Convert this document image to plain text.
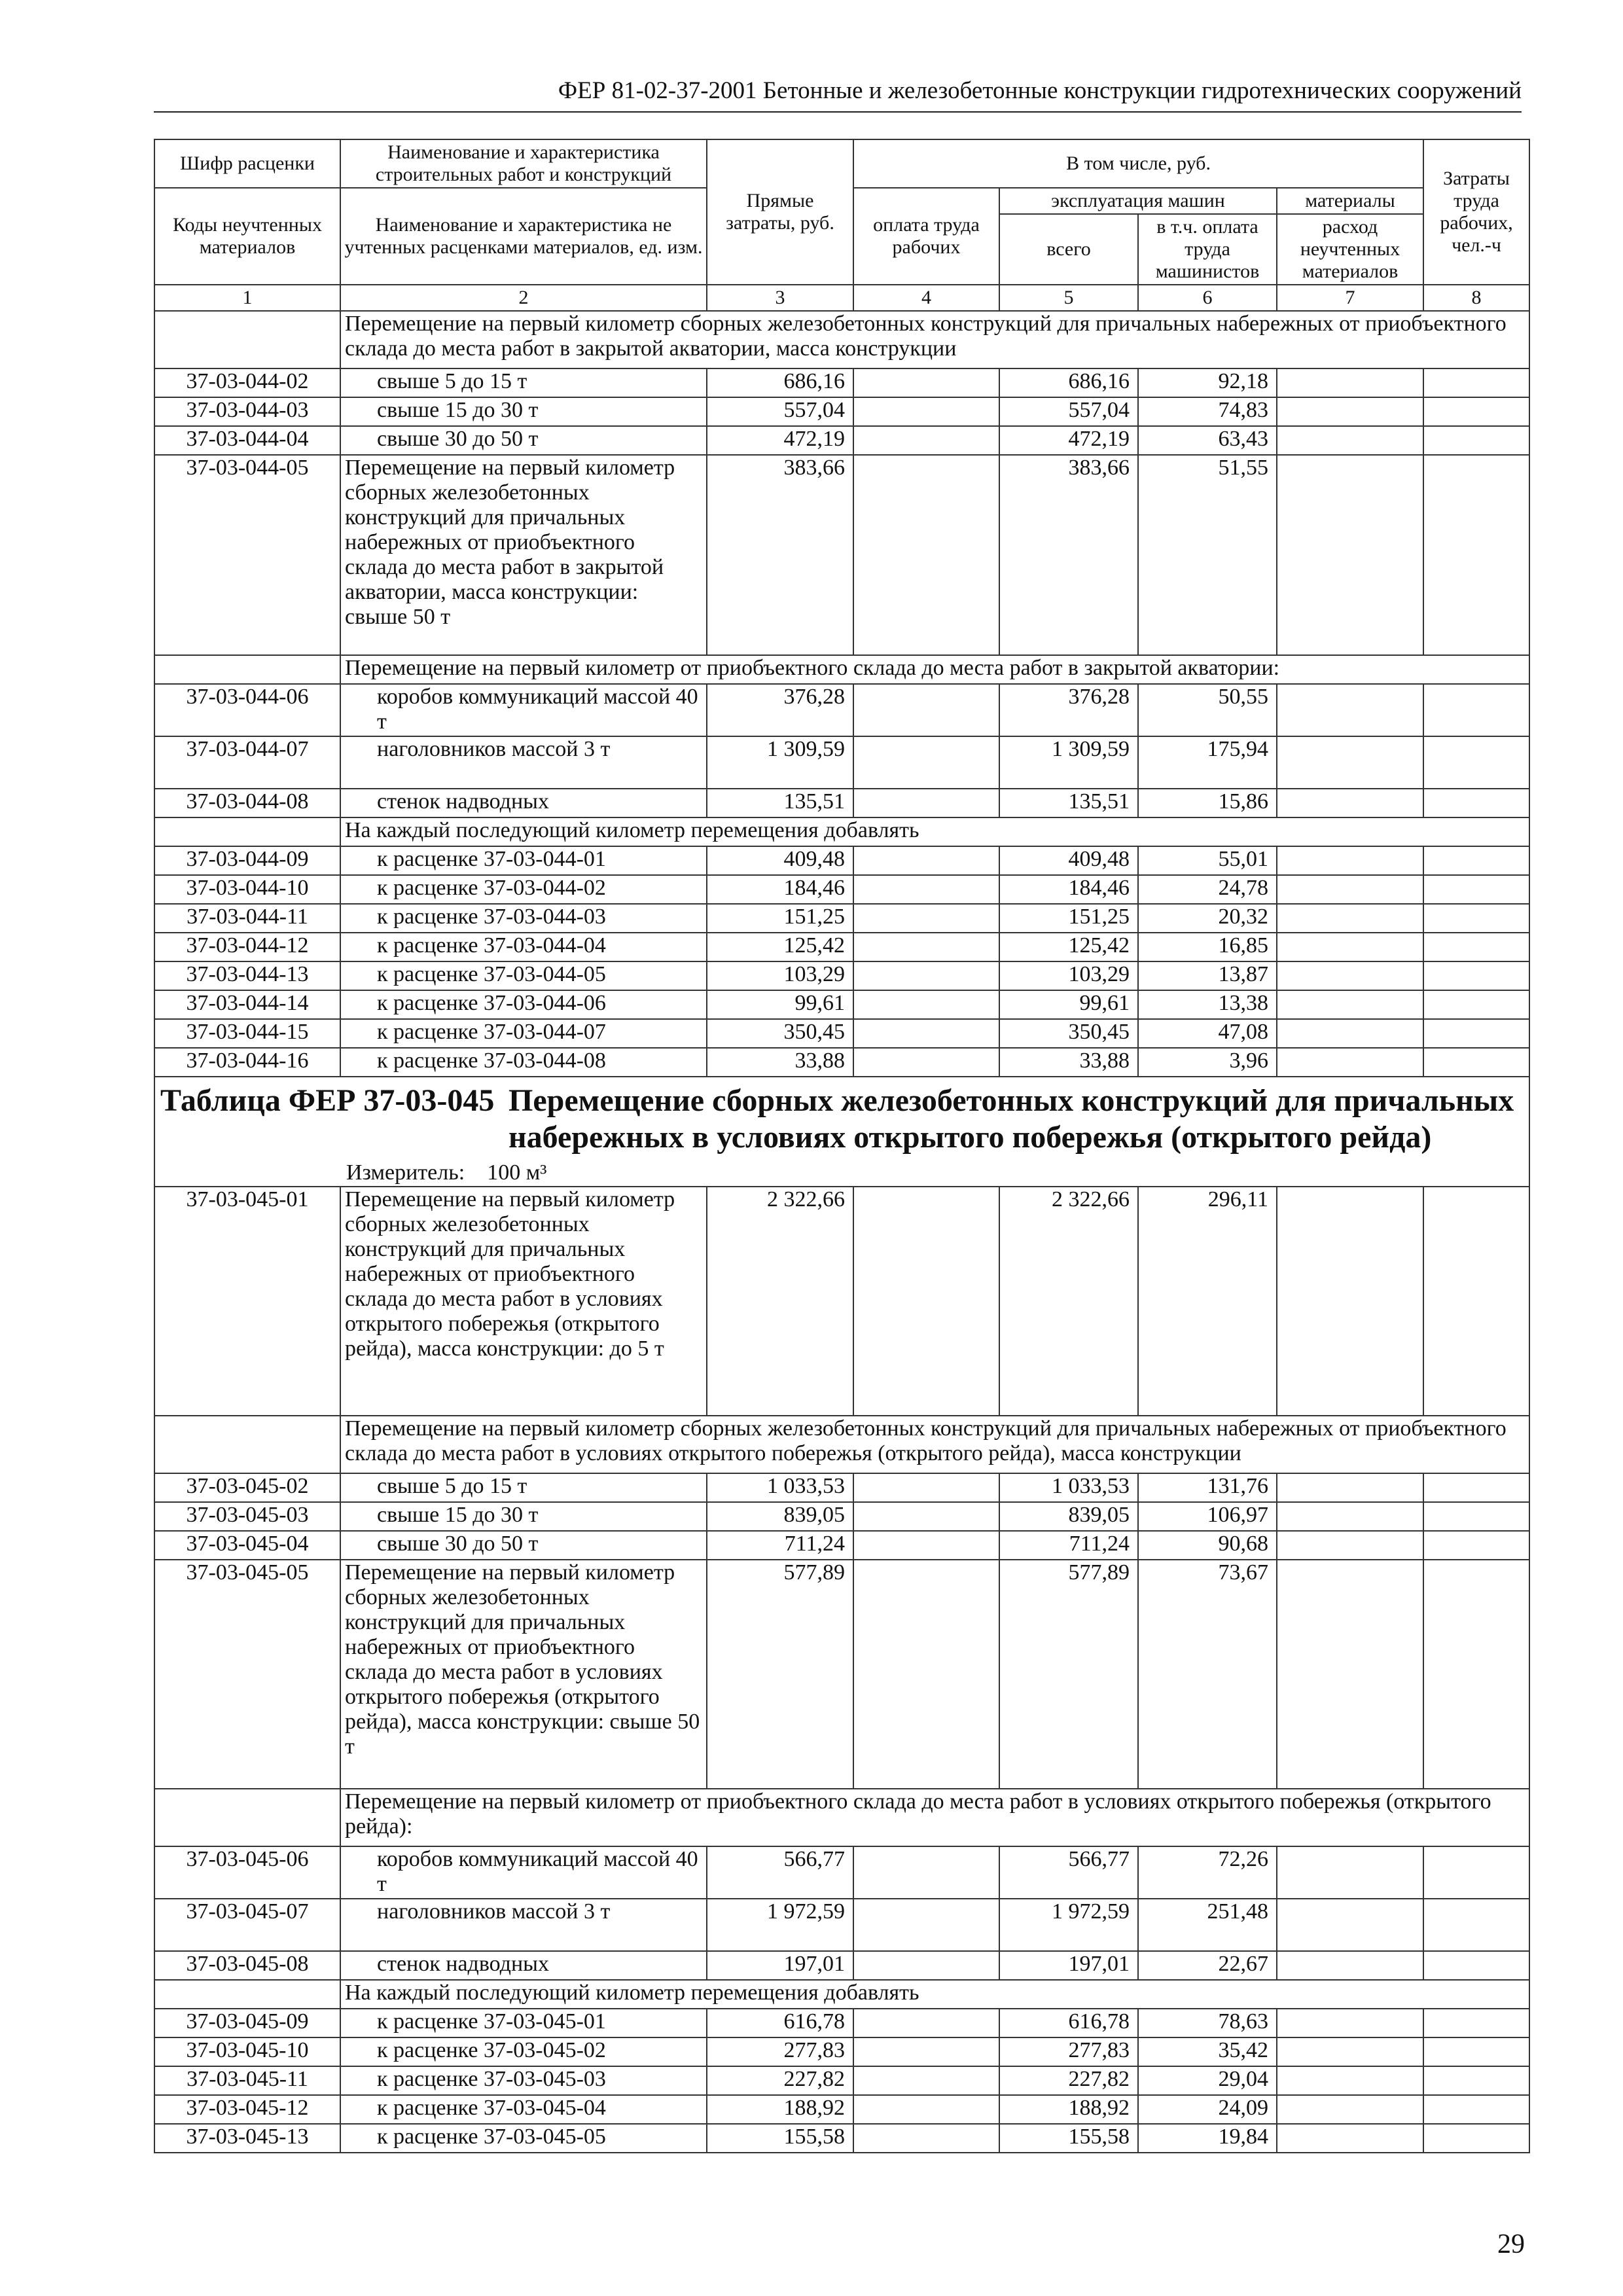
ФЕР 81-02-37-2001 Бетонные и железобетонные конструкции гидротехнических сооружений
Шифр расценки	Наименование и характеристика строительных работ и конструкций	Прямые затраты, руб.	В том числе, руб.				Затраты труда рабочих, чел.-ч
Коды неучтенных материалов	Наименование и характеристика не учтенных расценками материалов, ед. изм.		оплата труда рабочих	эксплуатация машин		материалы	
				всего	в т.ч. оплата труда машинистов	расход неучтенных материалов	
1	2	3	4	5	6	7	8
	Перемещение на первый километр сборных железобетонных конструкций для причальных набережных от приобъектного склада до места работ в закрытой акватории, масса конструкции						
37-03-044-02	свыше 5 до 15 т	686,16		686,16	92,18		
37-03-044-03	свыше 15 до 30 т	557,04		557,04	74,83		
37-03-044-04	свыше 30 до 50 т	472,19		472,19	63,43		
37-03-044-05	Перемещение на первый километр сборных железобетонных конструкций для причальных набережных от приобъектного склада до места работ в закрытой акватории, масса конструкции: свыше 50 т	383,66		383,66	51,55		
	Перемещение на первый километр от приобъектного склада до места работ в закрытой акватории:						
37-03-044-06	коробов коммуникаций массой 40 т	376,28		376,28	50,55		
37-03-044-07	наголовников массой 3 т	1 309,59		1 309,59	175,94		
37-03-044-08	стенок надводных	135,51		135,51	15,86		
	На каждый последующий километр перемещения добавлять						
37-03-044-09	к расценке 37-03-044-01	409,48		409,48	55,01		
37-03-044-10	к расценке 37-03-044-02	184,46		184,46	24,78		
37-03-044-11	к расценке 37-03-044-03	151,25		151,25	20,32		
37-03-044-12	к расценке 37-03-044-04	125,42		125,42	16,85		
37-03-044-13	к расценке 37-03-044-05	103,29		103,29	13,87		
37-03-044-14	к расценке 37-03-044-06	99,61		99,61	13,38		
37-03-044-15	к расценке 37-03-044-07	350,45		350,45	47,08		
37-03-044-16	к расценке 37-03-044-08	33,88		33,88	3,96		

Таблица ФЕР 37-03-045 Перемещение сборных железобетонных конструкций для причальных набережных в условиях открытого побережья (открытого рейда)
Измеритель: 100 м³							

37-03-045-01	Перемещение на первый километр сборных железобетонных конструкций для причальных набережных от приобъектного склада до места работ в условиях открытого побережья (открытого рейда), масса конструкции: до 5 т	2 322,66		2 322,66	296,11		
	Перемещение на первый километр сборных железобетонных конструкций для причальных набережных от приобъектного склада до места работ в условиях открытого побережья (открытого рейда), масса конструкции						
37-03-045-02	свыше 5 до 15 т	1 033,53		1 033,53	131,76		
37-03-045-03	свыше 15 до 30 т	839,05		839,05	106,97		
37-03-045-04	свыше 30 до 50 т	711,24		711,24	90,68		
37-03-045-05	Перемещение на первый километр сборных железобетонных конструкций для причальных набережных от приобъектного склада до места работ в условиях открытого побережья (открытого рейда), масса конструкции: свыше 50 т	577,89		577,89	73,67		
	Перемещение на первый километр от приобъектного склада до места работ в условиях открытого побережья (открытого рейда):						
37-03-045-06	коробов коммуникаций массой 40 т	566,77		566,77	72,26		
37-03-045-07	наголовников массой 3 т	1 972,59		1 972,59	251,48		
37-03-045-08	стенок надводных	197,01		197,01	22,67		
	На каждый последующий километр перемещения добавлять						
37-03-045-09	к расценке 37-03-045-01	616,78		616,78	78,63		
37-03-045-10	к расценке 37-03-045-02	277,83		277,83	35,42		
37-03-045-11	к расценке 37-03-045-03	227,82		227,82	29,04		
37-03-045-12	к расценке 37-03-045-04	188,92		188,92	24,09		
37-03-045-13	к расценке 37-03-045-05	155,58		155,58	19,84		
29
